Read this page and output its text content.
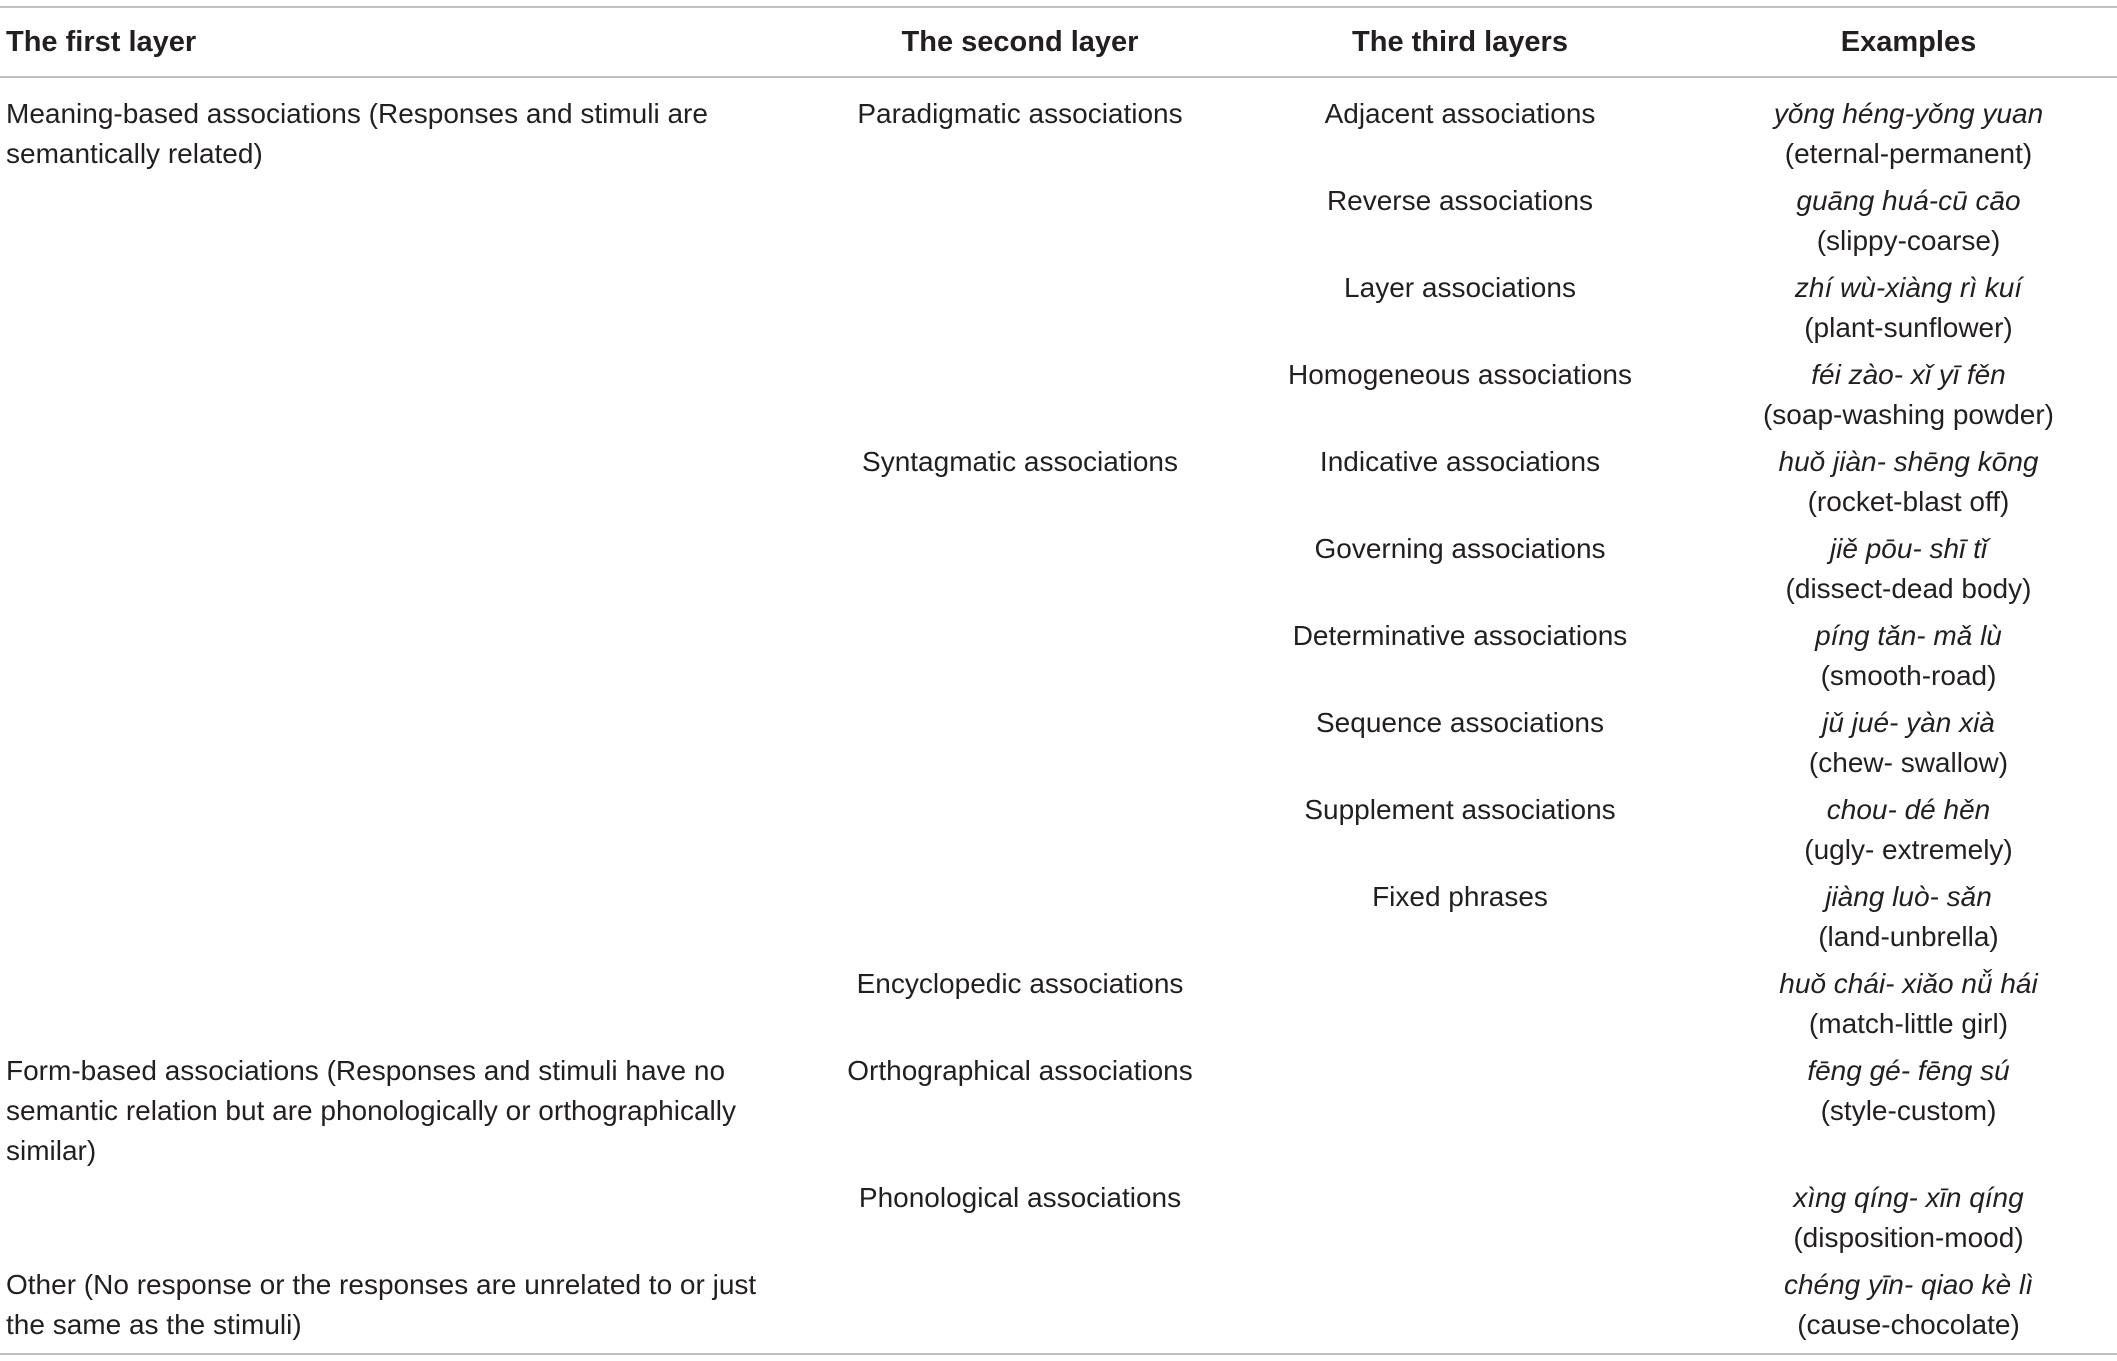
The first layer	The second layer	The third layers	Examples
Meaning-based associations (Responses and stimuli are semantically related)	Paradigmatic associations	Adjacent associations	yǒng héng-yǒng yuan
(eternal-permanent)

		Reverse associations	guāng huá-cū cāo
(slippy-coarse)

		Layer associations	zhí wù-xiàng rì kuí
(plant-sunflower)

		Homogeneous associations	féi zào- xǐ yī fěn
(soap-washing powder)

	Syntagmatic associations	Indicative associations	huǒ jiàn- shēng kōng
(rocket-blast off)

		Governing associations	jiě pōu- shī tǐ
(dissect-dead body)

		Determinative associations	píng tǎn- mǎ lù
(smooth-road)

		Sequence associations	jǔ jué- yàn xià
(chew- swallow)

		Supplement associations	chou- dé hěn
(ugly- extremely)

		Fixed phrases	jiàng luò- sǎn
(land-unbrella)

	Encyclopedic associations		huǒ chái- xiǎo nǚ hái
(match-little girl)

Form-based associations (Responses and stimuli have no semantic relation but are phonologically or orthographically similar)	Orthographical associations		fēng gé- fēng sú
(style-custom)

	Phonological associations		xìng qíng- xīn qíng
(disposition-mood)

Other (No response or the responses are unrelated to or just the same as the stimuli)			chéng yīn- qiao kè lì
(cause-chocolate)
